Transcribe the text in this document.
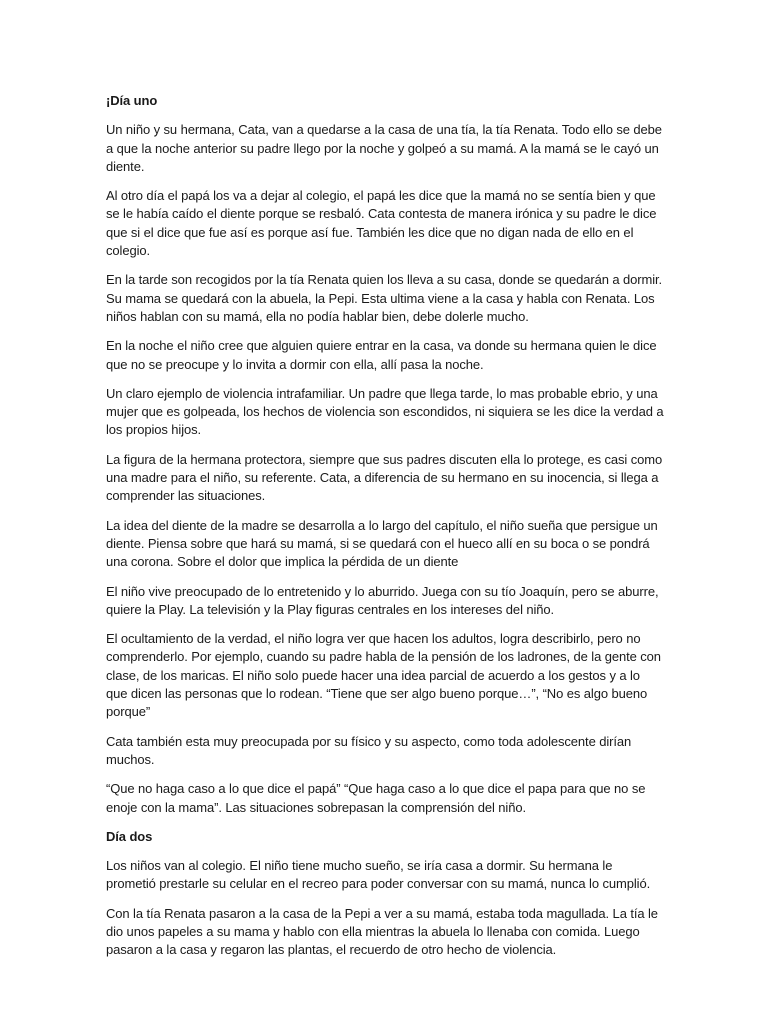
¡Día uno

Un niño y su hermana, Cata, van a quedarse a la casa de una tía, la tía Renata. Todo ello se debe a que la noche anterior su padre llego por la noche y golpeó a su mamá. A la mamá se le cayó un diente.

Al otro día el papá los va a dejar al colegio, el papá les dice que la mamá no se sentía bien y que se le había caído el diente porque se resbaló. Cata contesta de manera irónica y su padre le dice que si el dice que fue así es porque así fue. También les dice que no digan nada de ello en el colegio.

En la tarde son recogidos por la tía Renata quien los lleva a su casa, donde se quedarán a dormir. Su mama se quedará con la abuela, la Pepi. Esta ultima viene a la casa y habla con Renata. Los niños hablan con su mamá, ella no podía hablar bien, debe dolerle mucho.

En la noche el niño cree que alguien quiere entrar en la casa, va donde su hermana quien le dice que no se preocupe y lo invita a dormir con ella, allí pasa la noche.

Un claro ejemplo de violencia intrafamiliar. Un padre que llega tarde, lo mas probable ebrio, y una mujer que es golpeada, los hechos de violencia son escondidos, ni siquiera se les dice la verdad a los propios hijos.

La figura de la hermana protectora, siempre que sus padres discuten ella lo protege, es casi como una madre para el niño, su referente. Cata, a diferencia de su hermano en su inocencia, si llega a comprender las situaciones.

La idea del diente de la madre se desarrolla a lo largo del capítulo, el niño sueña que persigue un diente. Piensa sobre que hará su mamá, si se quedará con el hueco allí en su boca o se pondrá una corona. Sobre el dolor que implica la pérdida de un diente

El niño vive preocupado de lo entretenido y lo aburrido. Juega con su tío Joaquín, pero se aburre, quiere la Play. La televisión y la Play figuras centrales en los intereses del niño.

El ocultamiento de la verdad, el niño logra ver que hacen los adultos, logra describirlo, pero no comprenderlo. Por ejemplo, cuando su padre habla de la pensión de los ladrones, de la gente con clase, de los maricas. El niño solo puede hacer una idea parcial de acuerdo a los gestos y a lo que dicen las personas que lo rodean. “Tiene que ser algo bueno porque…”, “No es algo bueno porque”

Cata también esta muy preocupada por su físico y su aspecto, como toda adolescente dirían muchos.

“Que no haga caso a lo que dice el papá” “Que haga caso a lo que dice el papa para que no se enoje con la mama”. Las situaciones sobrepasan la comprensión del niño.

Día dos

Los niños van al colegio. El niño tiene mucho sueño, se iría casa a dormir. Su hermana le prometió prestarle su celular en el recreo para poder conversar con su mamá, nunca lo cumplió.

Con la tía Renata pasaron a la casa de la Pepi a ver a su mamá, estaba toda magullada. La tía le dio unos papeles a su mama y hablo con ella mientras la abuela lo llenaba con comida. Luego pasaron a la casa y regaron las plantas, el recuerdo de otro hecho de violencia.
